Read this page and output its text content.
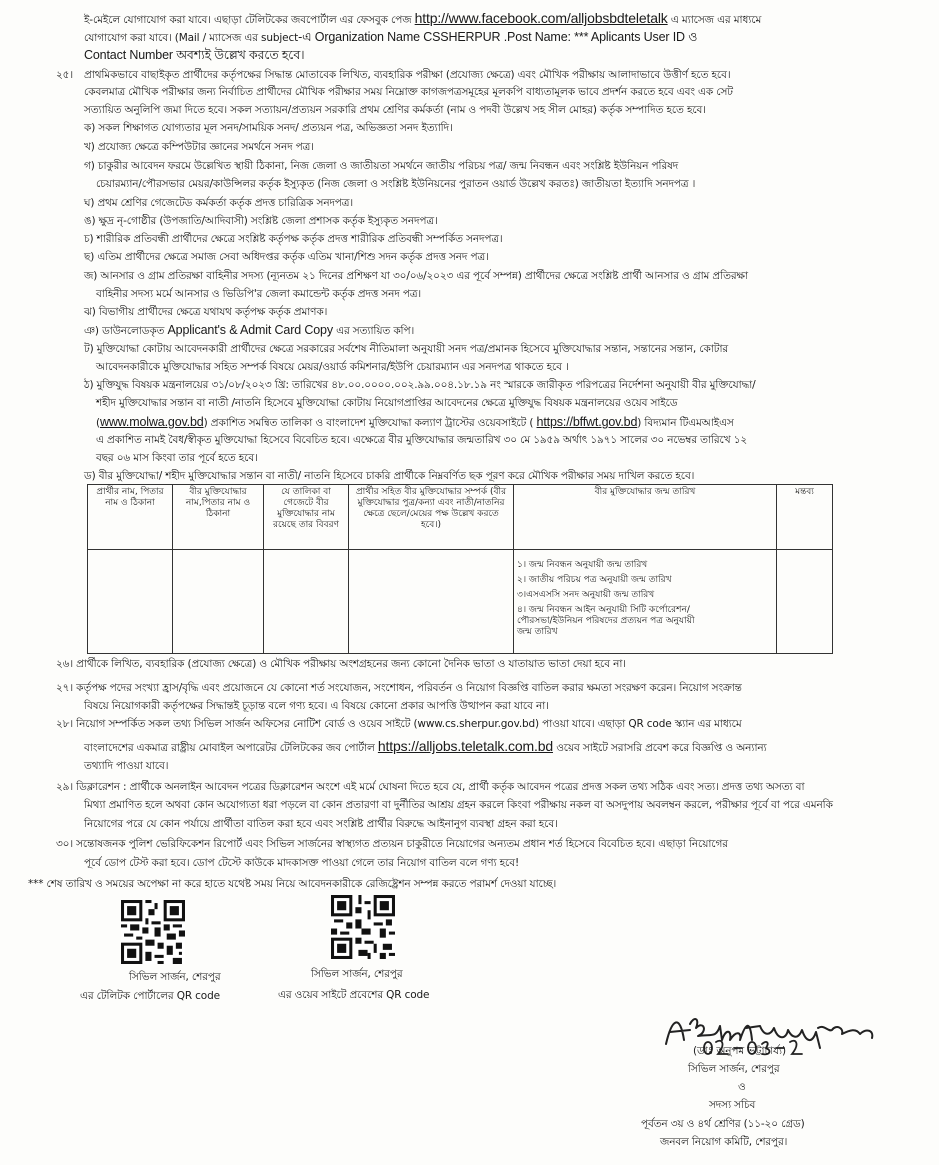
ই-মেইলে যোগাযোগ করা যাবে। এছাড়া টেলিটকের জবপোর্টাল এর ফেসবুক পেজ http://www.facebook.com/alljobsbdteletalk এ ম্যাসেজ এর মাধ্যমে
যোগাযোগ করা যাবে। (Mail / ম্যাসেজ এর subject-এ Organization Name CSSHERPUR .Post Name: *** Aplicants User ID ও
Contact Number অবশ্যই উল্লেখ করতে হবে।
২৫। প্রাথমিকভাবে বাছাইকৃত প্রার্থীদের কর্তৃপক্ষের সিদ্ধান্ত মোতাবেক লিখিত, ব্যবহারিক পরীক্ষা (প্রযোজ্য ক্ষেত্রে) এবং মৌখিক পরীক্ষায় আলাদাভাবে উত্তীর্ণ হতে হবে।
কেবলমাত্র মৌখিক পরীক্ষার জন্য নির্বাচিত প্রার্থীদের মৌখিক পরীক্ষার সময় নিম্নোক্ত কাগজপত্রসমূহের মূলকপি বাধ্যতামূলক ভাবে প্রদর্শন করতে হবে এবং এক সেট
সত্যায়িত অনুলিপি জমা দিতে হবে। সকল সত্যায়ন/প্রত্যয়ন সরকারি প্রথম শ্রেণির কর্মকর্তা (নাম ও পদবী উল্লেখ সহ সীল মোহর) কর্তৃক সম্পাদিত হতে হবে।
ক) সকল শিক্ষাগত যোগ্যতার মূল সনদ/সাময়িক সনদ/ প্রত্যয়ন পত্র, অভিজ্ঞতা সনদ ইত্যাদি।
খ) প্রযোজ্য ক্ষেত্রে কম্পিউটার জ্ঞানের সমর্থনে সনদ পত্র।
গ) চাকুরীর আবেদন ফরমে উল্লেখিত স্থায়ী ঠিকানা, নিজ জেলা ও জাতীয়তা সমর্থনে জাতীয় পরিচয় পত্র/ জন্ম নিবন্ধন এবং সংশ্লিষ্ট ইউনিয়ন পরিষদ
চেয়ারম্যান/পৌরসভার মেয়র/কাউন্সিলর কর্তৃক ইস্যুকৃত (নিজ জেলা ও সংশ্লিষ্ট ইউনিয়নের পুরাতন ওয়ার্ড উল্লেখ করতঃ) জাতীয়তা ইত্যাদি সনদপত্র ।
ঘ) প্রথম শ্রেণির গেজেটেড কর্মকর্তা কর্তৃক প্রদত্ত চারিত্রিক সনদপত্র।
ঙ) ক্ষুদ্র নৃ-গোষ্ঠীর (উপজাতি/আদিবাসী) সংশ্লিষ্ট জেলা প্রশাসক কর্তৃক ইস্যুকৃত সনদপত্র।
চ) শারীরিক প্রতিবন্ধী প্রার্থীদের ক্ষেত্রে সংশ্লিষ্ট কর্তৃপক্ষ কর্তৃক প্রদত্ত শারীরিক প্রতিবন্ধী সম্পর্কিত সনদপত্র।
ছ) এতিম প্রার্থীদের ক্ষেত্রে সমাজ সেবা অধিদপ্তর কর্তৃক এতিম খানা/শিশু সদন কর্তৃক প্রদত্ত সনদ পত্র।
জ) আনসার ও গ্রাম প্রতিরক্ষা বাহিনীর সদস্য (ন্যূনতম ২১ দিনের প্রশিক্ষণ যা ৩০/০৬/২০২৩ এর পূর্বে সম্পন্ন) প্রার্থীদের ক্ষেত্রে সংশ্লিষ্ট প্রার্থী আনসার ও গ্রাম প্রতিরক্ষা
বাহিনীর সদস্য মর্মে আনসার ও ভিডিপি'র জেলা কমান্ডেন্ট কর্তৃক প্রদত্ত সনদ পত্র।
ঝ) বিভাগীয় প্রার্থীদের ক্ষেত্রে যথাযথ কর্তৃপক্ষ কর্তৃক প্রমাণক।
ঞ) ডাউনলোডকৃত Applicant's & Admit Card Copy এর সত্যায়িত কপি।
ট) মুক্তিযোদ্ধা কোটায় আবেদনকারী প্রার্থীদের ক্ষেত্রে সরকারের সর্বশেষ নীতিমালা অনুযায়ী সনদ পত্র/প্রমানক হিসেবে মুক্তিযোদ্ধার সন্তান, সন্তানের সন্তান, কোটার
আবেদনকারীকে মুক্তিযোদ্ধার সহিত সম্পর্ক বিষয়ে মেয়র/ওয়ার্ড কমিশনার/ইউপি চেয়ারম্যান এর সনদপত্র থাকতে হবে ।
ঠ) মুক্তিযুদ্ধ বিষয়ক মন্ত্রনালয়ের ৩১/০৮/২০২৩ খ্রি: তারিখের ৪৮.০০.০০০০.০০২.৯৯.০০৪.১৮.১৯ নং স্মারকে জারীকৃত পরিপত্রের নির্দেশনা অনুযায়ী বীর মুক্তিযোদ্ধা/
শহীদ মুক্তিযোদ্ধার সন্তান বা নাতী /নাতনি হিসেবে মুক্তিযোদ্ধা কোটায় নিয়োগপ্রাপ্তির আবেদনের ক্ষেত্রে মুক্তিযুদ্ধ বিষয়ক মন্ত্রনালয়ের ওয়েব সাইডে
(www.molwa.gov.bd) প্রকাশিত সমন্বিত তালিকা ও বাংলাদেশ মুক্তিযোদ্ধা কল্যাণ ট্রাস্টের ওয়েবসাইটে ( https://bffwt.gov.bd) বিদ্যমান টিএমআইএস
এ প্রকাশিত নামই বৈধ/স্বীকৃত মুক্তিযোদ্ধা হিসেবে বিবেচিত হবে। এক্ষেত্রে বীর মুক্তিযোদ্ধার জন্মতারিখ ৩০ মে ১৯৫৯ অর্থাৎ ১৯৭১ সালের ৩০ নভেম্বর তারিখে ১২
বছর ০৬ মাস কিংবা তার পূর্বে হতে হবে।
ড) বীর মুক্তিযোদ্ধা/ শহীদ মুক্তিযোদ্ধার সন্তান বা নাতী/ নাতনি হিসেবে চাকরি প্রার্থীকে নিম্নবর্ণিত ছক পূরণ করে মৌখিক পরীক্ষার সময় দাখিল করতে হবে।
প্রার্থীর নাম, পিতার নাম ও ঠিকানা	বীর মুক্তিযোদ্ধার নাম,পিতার নাম ও ঠিকানা	যে তালিকা বা গেজেটে বীর মুক্তিযোদ্ধার নাম রয়েছে তার বিবরণ	প্রার্থীর সহিত বীর মুক্তিযোদ্ধার সম্পর্ক (বীর মুক্তিযোদ্ধার পুত্র/কন্যা এবং নাতী/নাতনির ক্ষেত্রে ছেলে/মেয়ের পক্ষ উল্লেখ করতে হবে।)	বীর মুক্তিযোদ্ধার জন্ম তারিখ	মন্তব্য

				১। জন্ম নিবন্ধন অনুযায়ী জন্ম তারিখ
২। জাতীয় পরিচয় পত্র অনুযায়ী জন্ম তারিখ
৩।এসএসসি সনদ অনুযায়ী জন্ম তারিখ
৪। জন্ম নিবন্ধন আইন অনুযায়ী সিটি কর্পোরেশন/পৌরসভা/ইউনিয়ন পরিষদের প্রত্যয়ন পত্র অনুযায়ী জন্ম তারিখ	

২৬। প্রার্থীকে লিখিত, ব্যবহারিক (প্রযোজ্য ক্ষেত্রে) ও মৌখিক পরীক্ষায় অংশগ্রহনের জন্য কোনো দৈনিক ভাতা ও যাতায়াত ভাতা দেয়া হবে না।
২৭। কর্তৃপক্ষ পদের সংখ্যা হ্রাস/বৃদ্ধি এবং প্রয়োজনে যে কোনো শর্ত সংযোজন, সংশোধন, পরিবর্তন ও নিয়োগ বিজ্ঞপ্তি বাতিল করার ক্ষমতা সংরক্ষণ করেন। নিয়োগ সংক্রান্ত
বিষয়ে নিয়োগকারী কর্তৃপক্ষের সিদ্ধান্তই চূড়ান্ত বলে গণ্য হবে। এ বিষয়ে কোনো প্রকার আপত্তি উত্থাপন করা যাবে না।
২৮। নিয়োগ সম্পর্কিত সকল তথ্য সিভিল সার্জন অফিসের নোটিশ বোর্ড ও ওয়েব সাইটে (www.cs.sherpur.gov.bd) পাওয়া যাবে। এছাড়া QR code স্ক্যান এর মাধ্যমে
বাংলাদেশের একমাত্র রাষ্ট্রীয় মোবাইল অপারেটর টেলিটকের জব পোর্টাল https://alljobs.teletalk.com.bd ওয়েব সাইটে সরাসরি প্রবেশ করে বিজ্ঞপ্তি ও অন্যান্য
তথ্যাদি পাওয়া যাবে।
২৯। ডিক্লারেশন : প্রার্থীকে অনলাইন আবেদন পত্রের ডিক্লারেশন অংশে এই মর্মে ঘোষনা দিতে হবে যে, প্রার্থী কর্তৃক আবেদন পত্রের প্রদত্ত সকল তথ্য সঠিক এবং সত্য। প্রদত্ত তথ্য অসত্য বা
মিথ্যা প্রমাণিত হলে অথবা কোন অযোগ্যতা ধরা পড়লে বা কোন প্রতারণা বা দুর্নীতির আশ্রয় গ্রহন করলে কিংবা পরীক্ষায় নকল বা অসদুপায় অবলম্বন করলে, পরীক্ষার পূর্বে বা পরে এমনকি
নিয়োগের পরে যে কোন পর্যায়ে প্রার্থীতা বাতিল করা হবে এবং সংশ্লিষ্ট প্রার্থীর বিরুদ্ধে আইনানুগ ব্যবস্থা গ্রহন করা হবে।
৩০। সন্তোষজনক পুলিশ ভেরিফিকেশন রিপোর্ট এবং সিভিল সার্জনের স্বাস্থ্যগত প্রত্যয়ন চাকুরীতে নিয়োগের অন্যতম প্রধান শর্ত হিসেবে বিবেচিত হবে। এছাড়া নিয়োগের
পূর্বে ডোপ টেস্ট করা হবে। ডোপ টেস্টে কাউকে মাদকাসক্ত পাওয়া গেলে তার নিয়োগ বাতিল বলে গণ্য হবে!
*** শেষ তারিখ ও সময়ের অপেক্ষা না করে হাতে যথেষ্ট সময় নিয়ে আবেদনকারীকে রেজিষ্ট্রেশন সম্পন্ন করতে পরামর্শ দেওয়া যাচ্ছে।
সিভিল সার্জন, শেরপুর
এর টেলিটক পোর্টালের QR code
সিভিল সার্জন, শেরপুর
এর ওয়েব সাইটে প্রবেশের QR code
(ডাঃ অনুপম ভট্টাচার্য্য)
সিভিল সার্জন, শেরপুর
ও
সদস্য সচিব
পূর্বতন ৩য় ও ৪র্থ শ্রেণির (১১-২০ গ্রেড)
জনবল নিয়োগ কমিটি, শেরপুর।
